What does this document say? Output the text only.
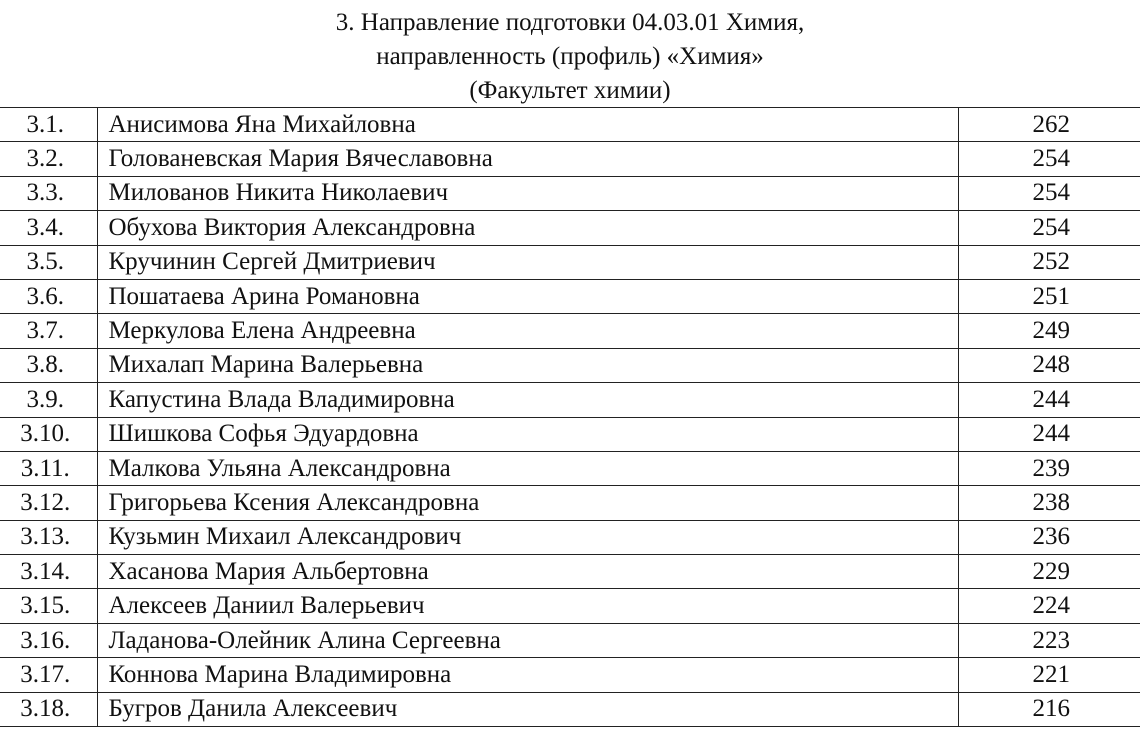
3. Направление подготовки 04.03.01 Химия,
направленность (профиль) «Химия»
(Факультет химии)
3.1.	Анисимова Яна Михайловна	262
3.2.	Голованевская Мария Вячеславовна	254
3.3.	Милованов Никита Николаевич	254
3.4.	Обухова Виктория Александровна	254
3.5.	Кручинин Сергей Дмитриевич	252
3.6.	Пошатаева Арина Романовна	251
3.7.	Меркулова Елена Андреевна	249
3.8.	Михалап Марина Валерьевна	248
3.9.	Капустина Влада Владимировна	244
3.10.	Шишкова Софья Эдуардовна	244
3.11.	Малкова Ульяна Александровна	239
3.12.	Григорьева Ксения Александровна	238
3.13.	Кузьмин Михаил Александрович	236
3.14.	Хасанова Мария Альбертовна	229
3.15.	Алексеев Даниил Валерьевич	224
3.16.	Ладанова-Олейник Алина Сергеевна	223
3.17.	Коннова Марина Владимировна	221
3.18.	Бугров Данила Алексеевич	216
